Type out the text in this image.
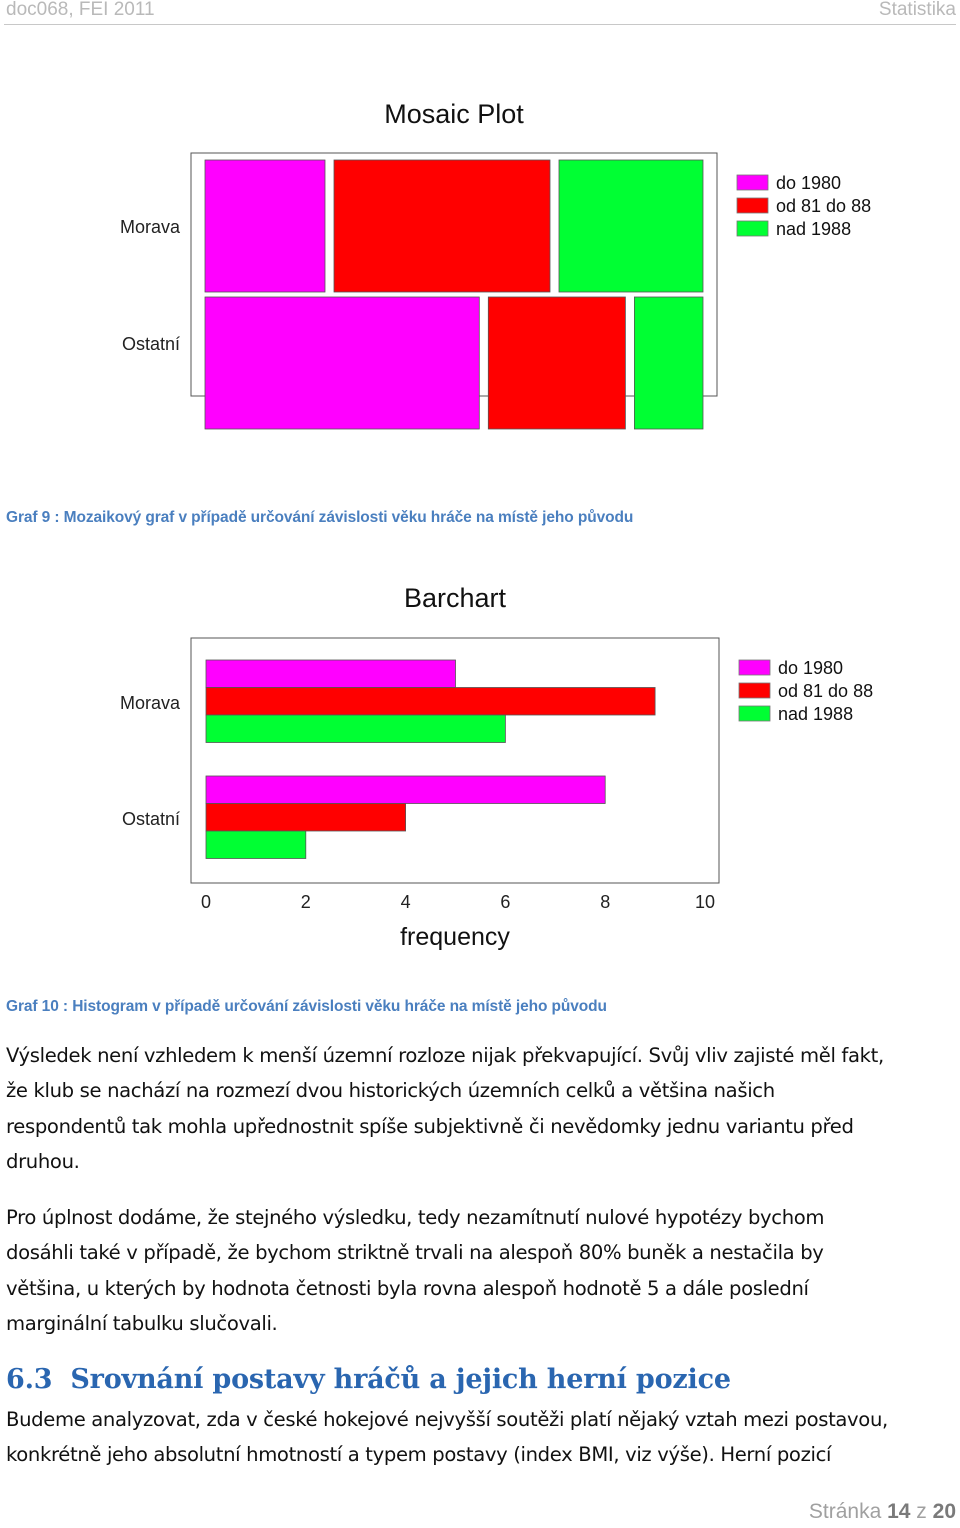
doc068, FEI 2011	Statistika
Mosaic Plot
Morava
Ostatní
do 1980
od 81 do 88
nad 1988
Graf 9 : Mozaikový graf v případě určování závislosti věku hráče na místě jeho původu
Barchart
Morava
Ostatní
0	2	4	6	8	10
frequency
do 1980
od 81 do 88
nad 1988
Graf 10 : Histogram v případě určování závislosti věku hráče na místě jeho původu
Výsledek není vzhledem k menší územní rozloze nijak překvapující. Svůj vliv zajisté měl fakt,
že klub se nachází na rozmezí dvou historických územních celků a většina našich
respondentů tak mohla upřednostnit spíše subjektivně či nevědomky jednu variantu před
druhou.
Pro úplnost dodáme, že stejného výsledku, tedy nezamítnutí nulové hypotézy bychom
dosáhli také v případě, že bychom striktně trvali na alespoň 80% buněk a nestačila by
většina, u kterých by hodnota četnosti byla rovna alespoň hodnotě 5 a dále poslední
marginální tabulku slučovali.
6.3 Srovnání postavy hráčů a jejich herní pozice
Budeme analyzovat, zda v české hokejové nejvyšší soutěži platí nějaký vztah mezi postavou,
konkrétně jeho absolutní hmotností a typem postavy (index BMI, viz výše). Herní pozicí
Stránka 14 z 20
